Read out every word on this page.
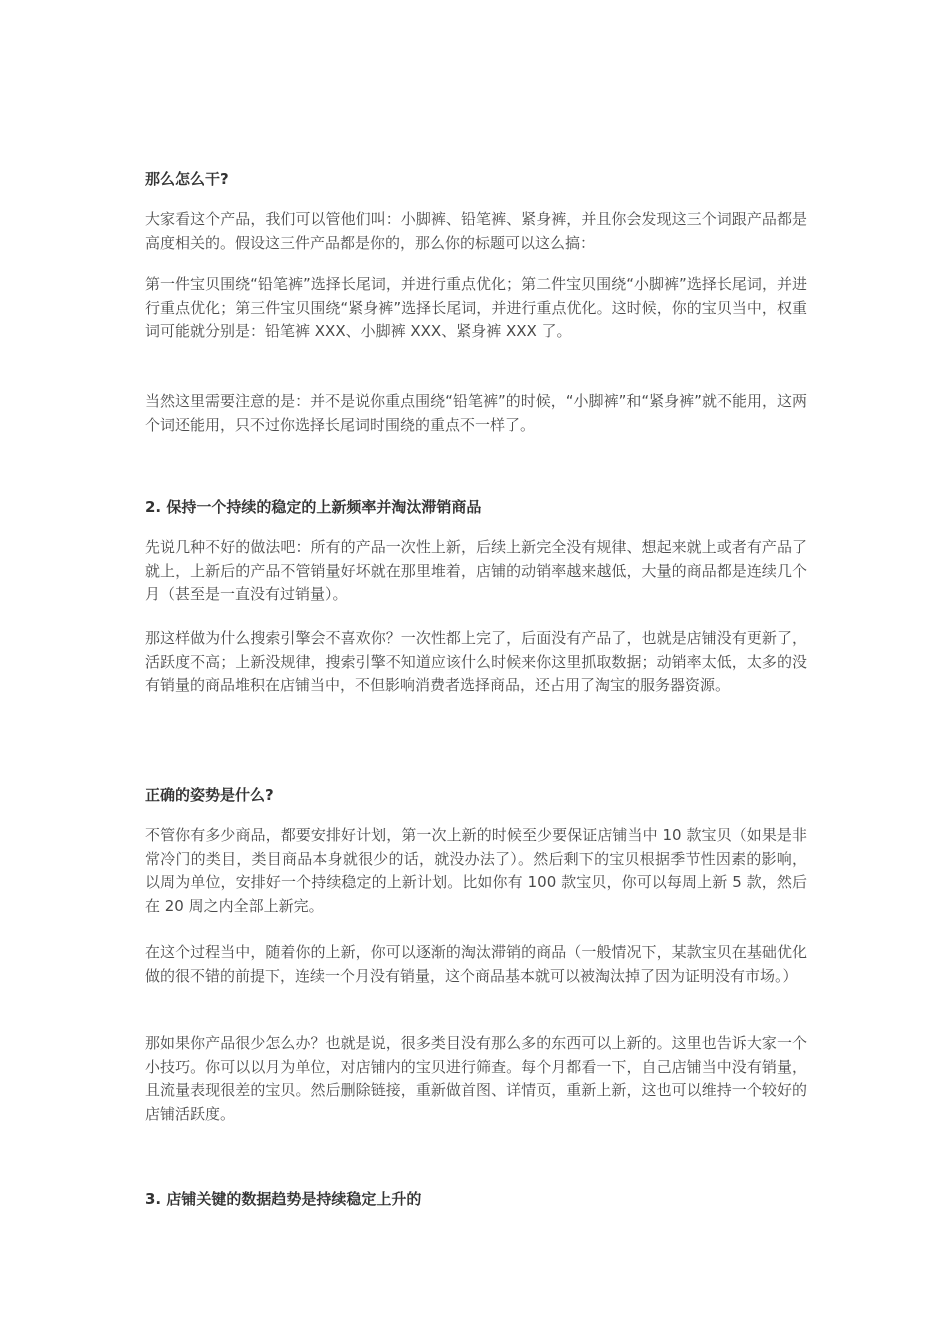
那么怎么干?
大家看这个产品，我们可以管他们叫：小脚裤、铅笔裤、紧身裤，并且你会发现这三个词跟产品都是高度相关的。假设这三件产品都是你的，那么你的标题可以这么搞：
第一件宝贝围绕“铅笔裤”选择长尾词，并进行重点优化；第二件宝贝围绕“小脚裤”选择长尾词，并进行重点优化；第三件宝贝围绕“紧身裤”选择长尾词，并进行重点优化。这时候，你的宝贝当中，权重词可能就分别是：铅笔裤 XXX、小脚裤 XXX、紧身裤 XXX 了。
当然这里需要注意的是：并不是说你重点围绕“铅笔裤”的时候，“小脚裤”和“紧身裤”就不能用，这两个词还能用，只不过你选择长尾词时围绕的重点不一样了。
2. 保持一个持续的稳定的上新频率并淘汰滞销商品
先说几种不好的做法吧：所有的产品一次性上新，后续上新完全没有规律、想起来就上或者有产品了就上，上新后的产品不管销量好坏就在那里堆着，店铺的动销率越来越低，大量的商品都是连续几个月（甚至是一直没有过销量）。
那这样做为什么搜索引擎会不喜欢你？一次性都上完了，后面没有产品了，也就是店铺没有更新了，活跃度不高；上新没规律，搜索引擎不知道应该什么时候来你这里抓取数据；动销率太低，太多的没有销量的商品堆积在店铺当中，不但影响消费者选择商品，还占用了淘宝的服务器资源。
正确的姿势是什么?
不管你有多少商品，都要安排好计划，第一次上新的时候至少要保证店铺当中 10 款宝贝（如果是非常冷门的类目，类目商品本身就很少的话，就没办法了）。然后剩下的宝贝根据季节性因素的影响，以周为单位，安排好一个持续稳定的上新计划。比如你有 100 款宝贝，你可以每周上新 5 款，然后在 20 周之内全部上新完。
在这个过程当中，随着你的上新，你可以逐渐的淘汰滞销的商品（一般情况下，某款宝贝在基础优化做的很不错的前提下，连续一个月没有销量，这个商品基本就可以被淘汰掉了因为证明没有市场。）
那如果你产品很少怎么办？也就是说，很多类目没有那么多的东西可以上新的。这里也告诉大家一个小技巧。你可以以月为单位，对店铺内的宝贝进行筛查。每个月都看一下，自己店铺当中没有销量，且流量表现很差的宝贝。然后删除链接，重新做首图、详情页，重新上新，这也可以维持一个较好的店铺活跃度。
3. 店铺关键的数据趋势是持续稳定上升的
